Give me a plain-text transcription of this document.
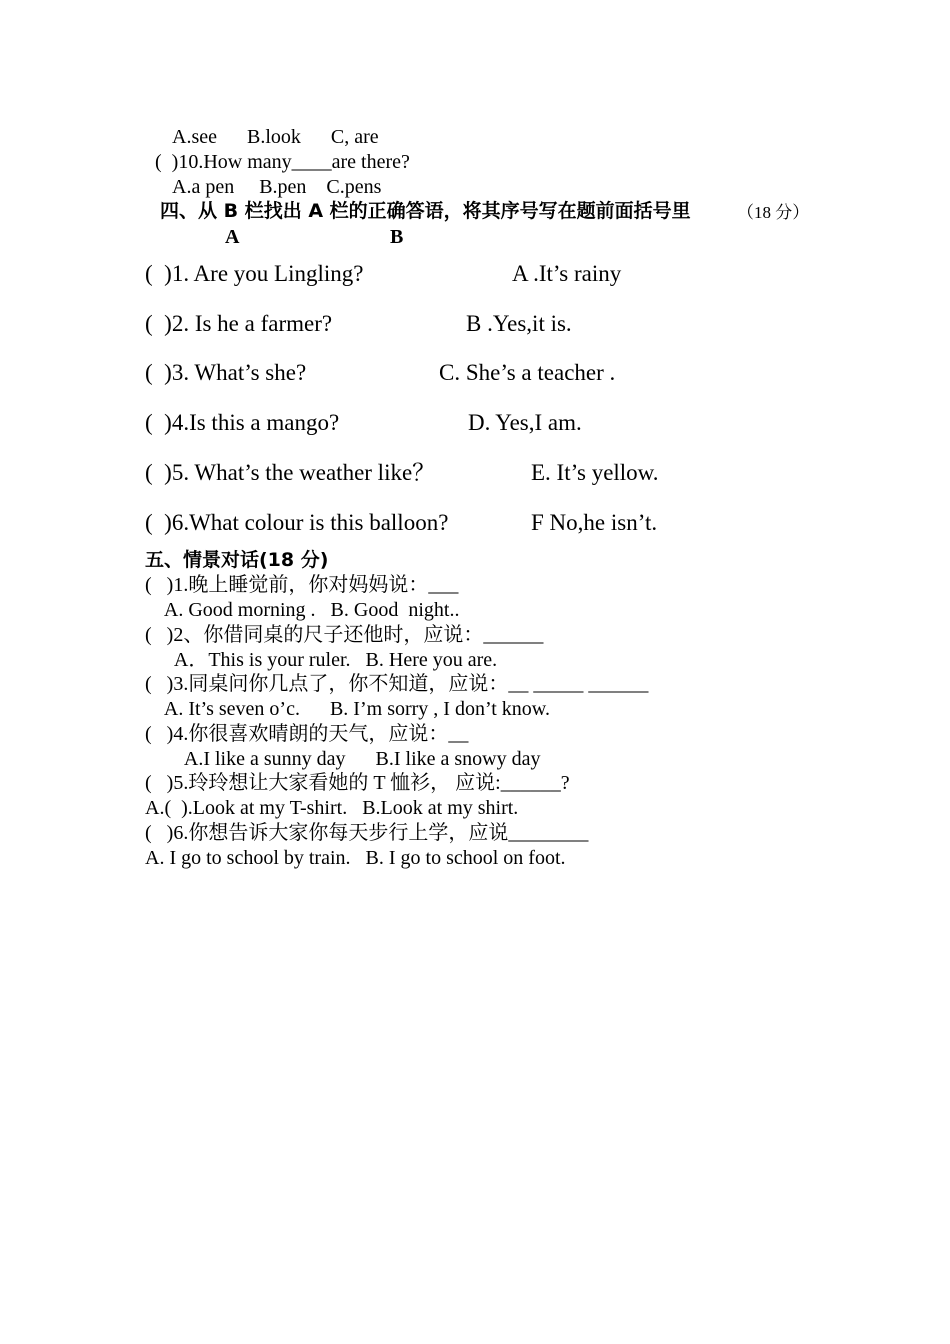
A.see      B.look      C, are
(  )10.How many____are there?
A.a pen     B.pen    C.pens
四、从 B 栏找出 A 栏的正确答语，将其序号写在题前面括号里	（18 分）
A	B
(  )1. Are you Lingling?	A .It’s rainy
(  )2. Is he a farmer?	B .Yes,it is.
(  )3. What’s she?	C. She’s a teacher .
(  )4.Is this a mango?	D. Yes,I am.
(  )5. What’s the weather like？	E. It’s yellow.
(  )6.What colour is this balloon?	F No,he isn’t.
五、情景对话(18 分)
(   )1.晚上睡觉前，你对妈妈说：___
A. Good morning .   B. Good  night..
(   )2、你借同桌的尺子还他时，应说：______
A．This is your ruler.   B. Here you are.
(   )3.同桌问你几点了，你不知道，应说：__ _____ ______
A. It’s seven o’c.      B. I’m sorry , I don’t know.
(   )4.你很喜欢晴朗的天气，应说：__
A.I like a sunny day      B.I like a snowy day
(   )5.玲玲想让大家看她的 T 恤衫， 应说:______?
A.(  ).Look at my T-shirt.   B.Look at my shirt.
(   )6.你想告诉大家你每天步行上学，应说________
A. I go to school by train.   B. I go to school on foot.
